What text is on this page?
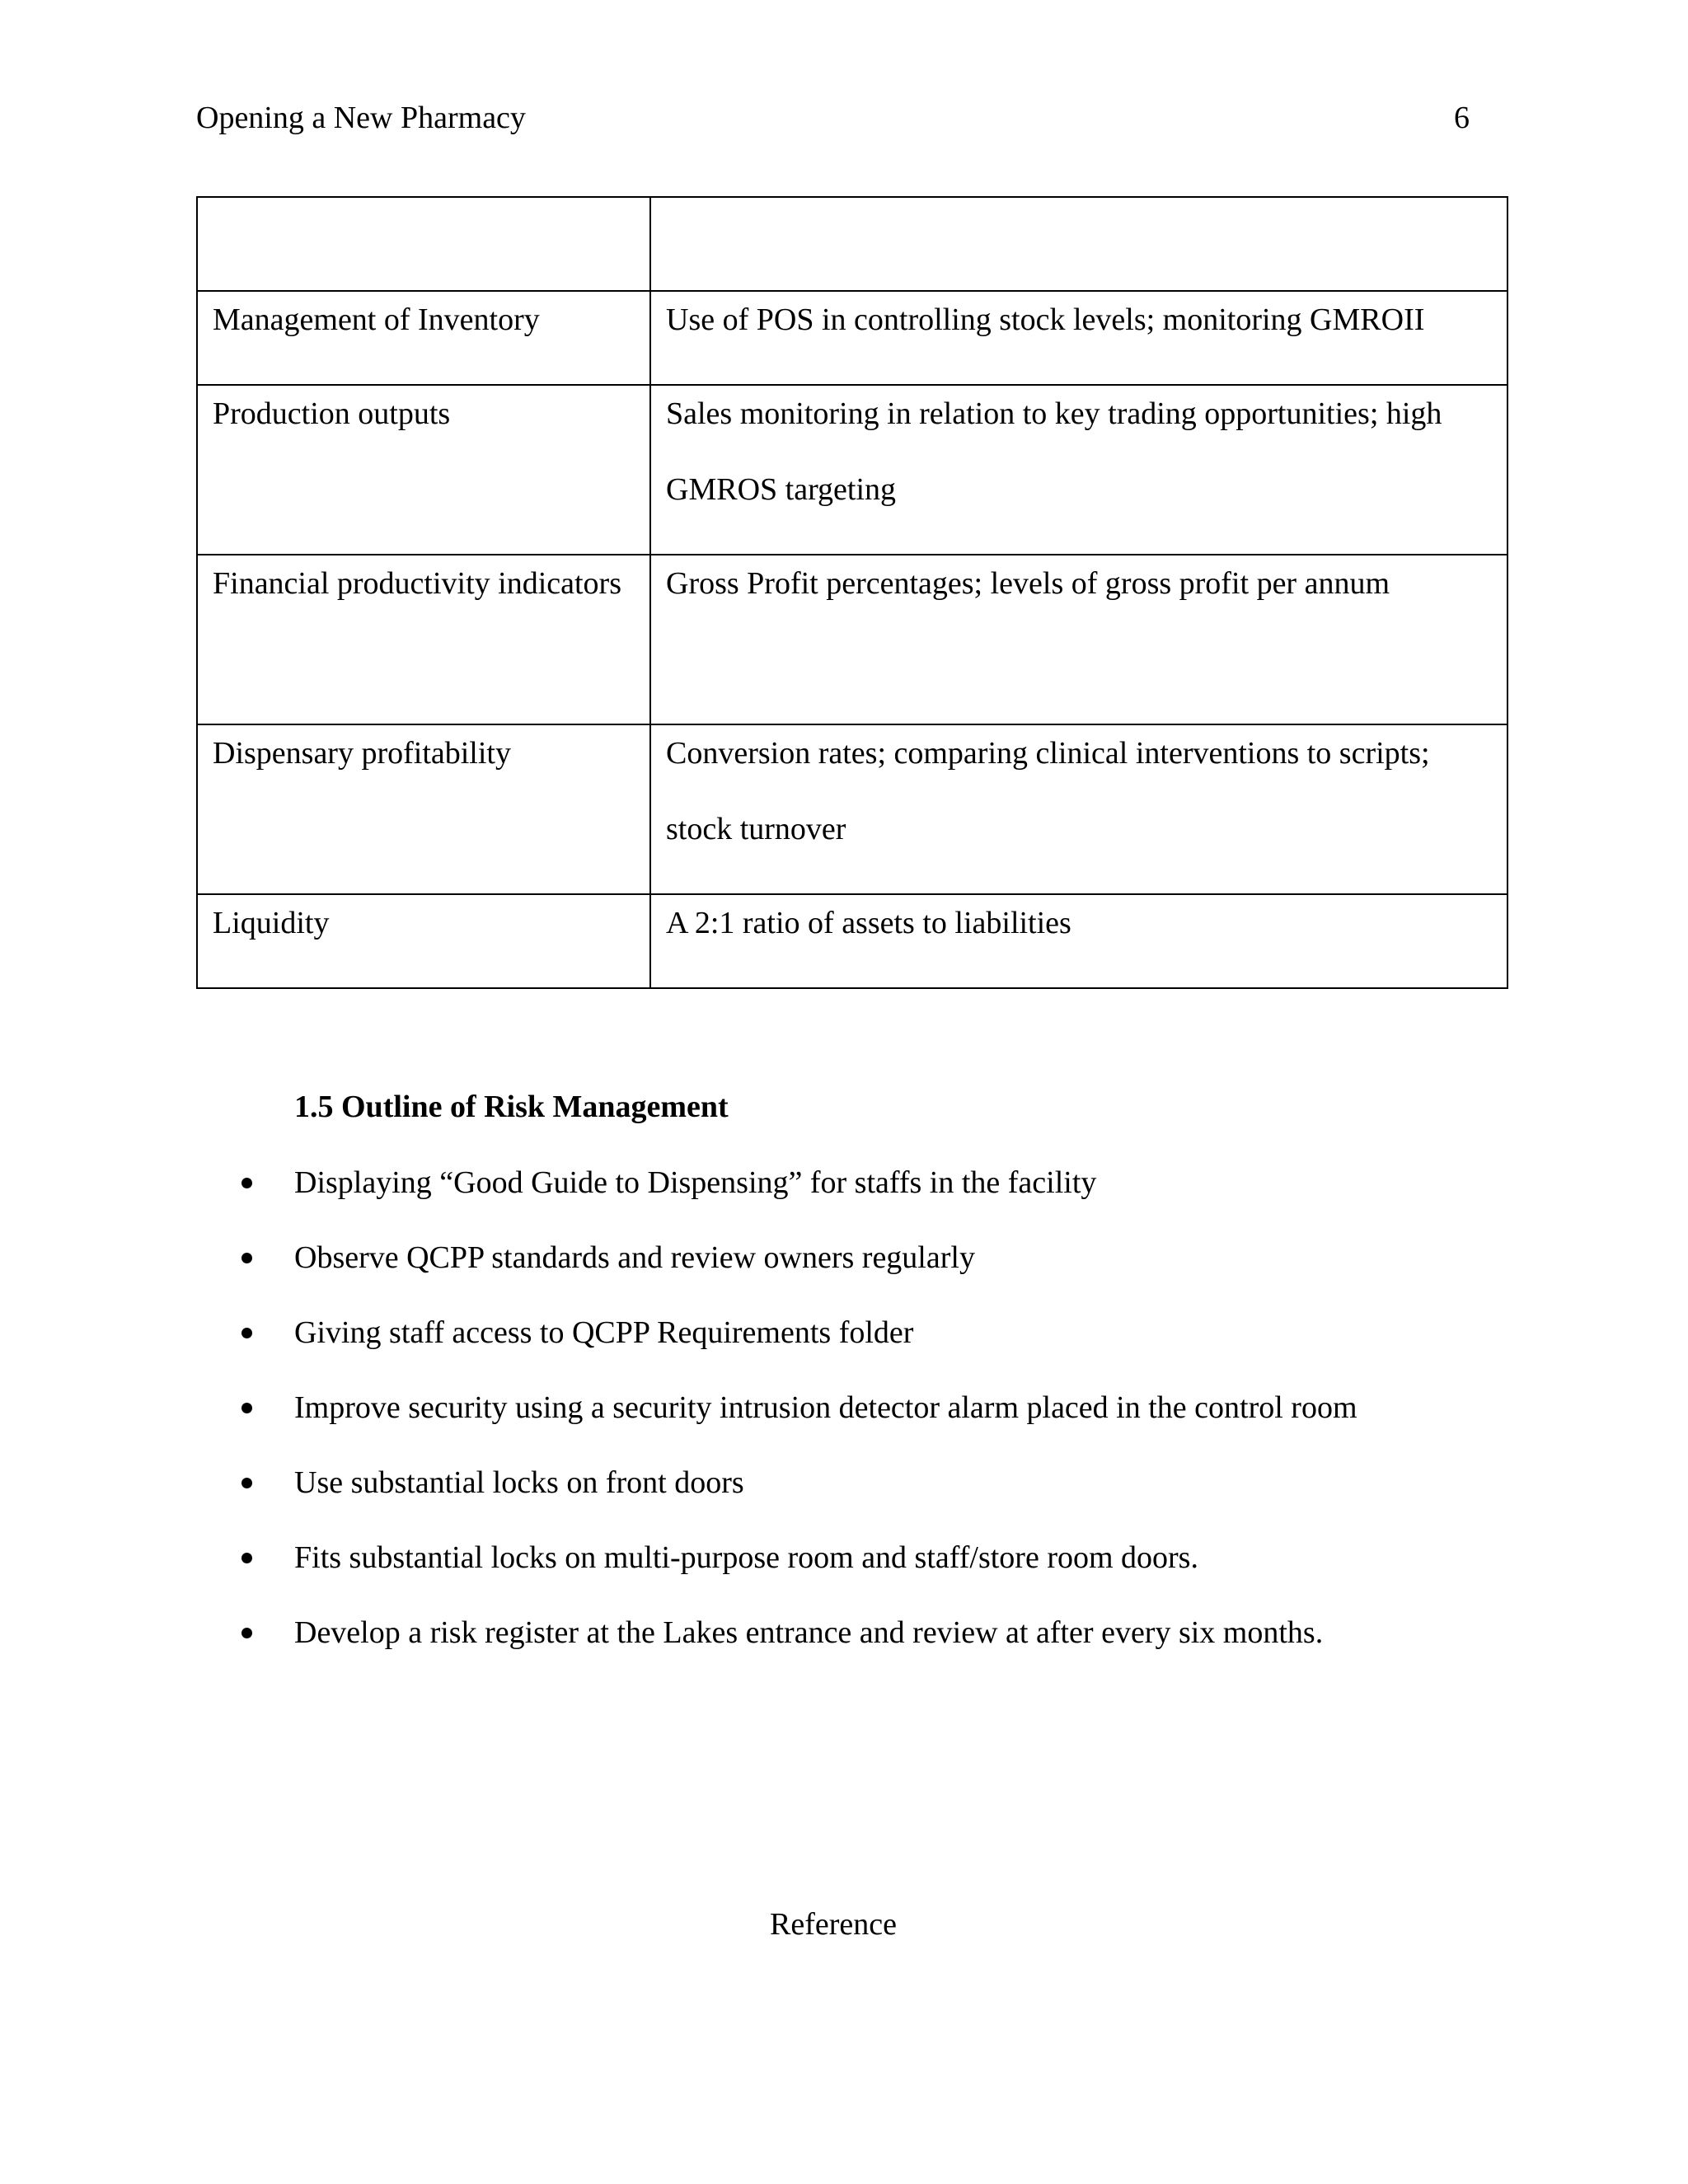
Opening a New Pharmacy	6

Management of Inventory	Use of POS in controlling stock levels; monitoring GMROII

Production outputs	Sales monitoring in relation to key trading opportunities; high GMROS targeting

Financial productivity indicators	Gross Profit percentages; levels of gross profit per annum

Dispensary profitability	Conversion rates; comparing clinical interventions to scripts; stock turnover

Liquidity	A 2:1 ratio of assets to liabilities
1.5 Outline of Risk Management
Displaying “Good Guide to Dispensing” for staffs in the facility
Observe QCPP standards and review owners regularly
Giving staff access to QCPP Requirements folder
Improve security using a security intrusion detector alarm placed in the control room
Use substantial locks on front doors
Fits substantial locks on multi-purpose room and staff/store room doors.
Develop a risk register at the Lakes entrance and review at after every six months.
Reference
